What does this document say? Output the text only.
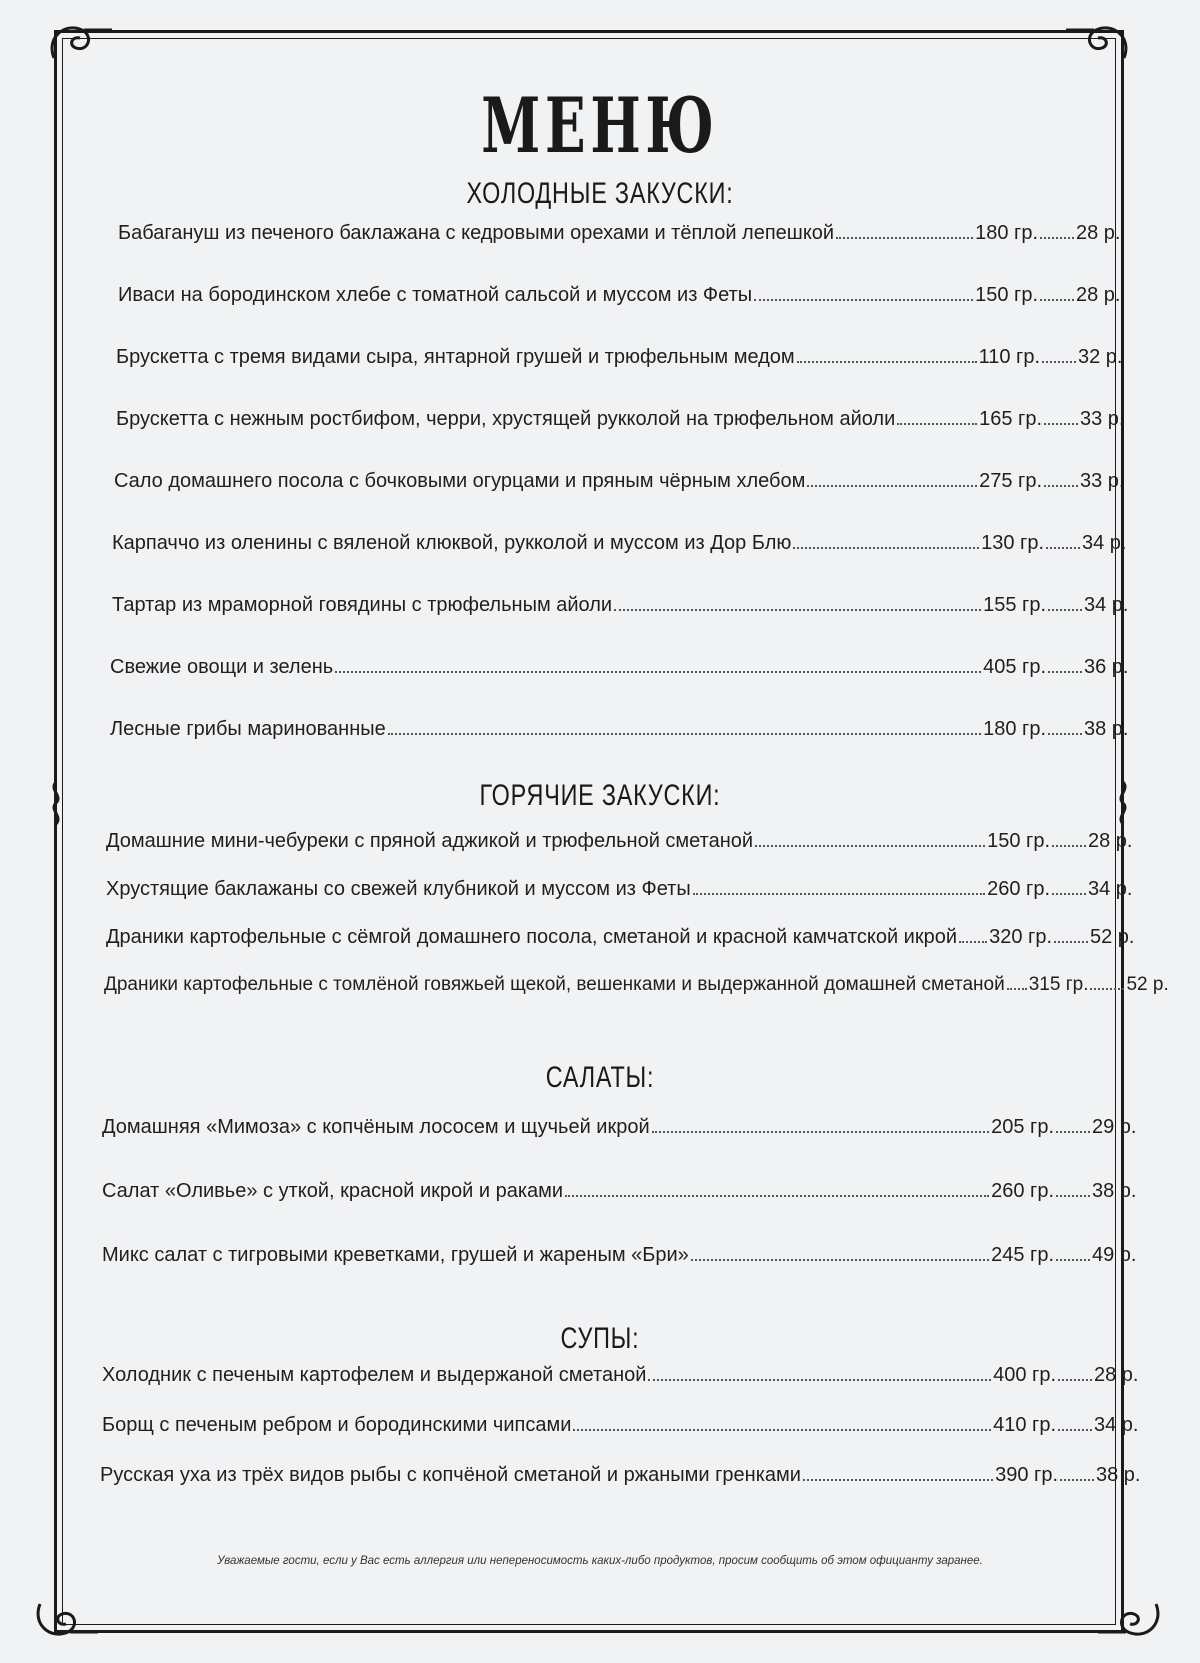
МЕНЮ
ХОЛОДНЫЕ ЗАКУСКИ:
Бабагануш из печеного баклажана с кедровыми орехами и тёплой лепешкой	180 гр. 28 р.
Иваси на бородинском хлебе с томатной сальсой и муссом из Феты	150 гр. 28 р.
Брускетта с тремя видами сыра, янтарной грушей и трюфельным медом	110 гр. 32 р.
Брускетта с нежным ростбифом, черри, хрустящей рукколой на трюфельном айоли	165 гр. 33 р.
Сало домашнего посола с бочковыми огурцами и пряным чёрным хлебом	275 гр. 33 р.
Карпаччо из оленины с вяленой клюквой, рукколой и муссом из Дор Блю	130 гр. 34 р.
Тартар из мраморной говядины с трюфельным айоли	155 гр. 34 р.
Свежие овощи и зелень	405 гр. 36 р.
Лесные грибы маринованные	180 гр. 38 р.
ГОРЯЧИЕ ЗАКУСКИ:
Домашние мини-чебуреки с пряной аджикой и трюфельной сметаной	150 гр. 28 р.
Хрустящие баклажаны со свежей клубникой и муссом из Феты	260 гр. 34 р.
Драники картофельные с сёмгой домашнего посола, сметаной и красной камчатской икрой 320 гр. 52 р.
Драники картофельные с томлёной говяжьей щекой, вешенками и выдержанной домашней сметаной 315 гр. 52 р.
САЛАТЫ:
Домашняя «Мимоза» с копчёным лососем и щучьей икрой	205 гр. 29 р.
Салат «Оливье» с уткой, красной икрой и раками	260 гр. 38 р.
Микс салат с тигровыми креветками, грушей и жареным «Бри»	245 гр. 49 р.
СУПЫ:
Холодник с печеным картофелем и выдержаной сметаной	400 гр. 28 р.
Борщ с печеным ребром и бородинскими чипсами	410 гр. 34 р.
Русская уха из трёх видов рыбы с копчёной сметаной и ржаными гренками	390 гр. 38 р.
Уважаемые гости, если у Вас есть аллергия или непереносимость каких-либо продуктов, просим сообщить об этом официанту заранее.
